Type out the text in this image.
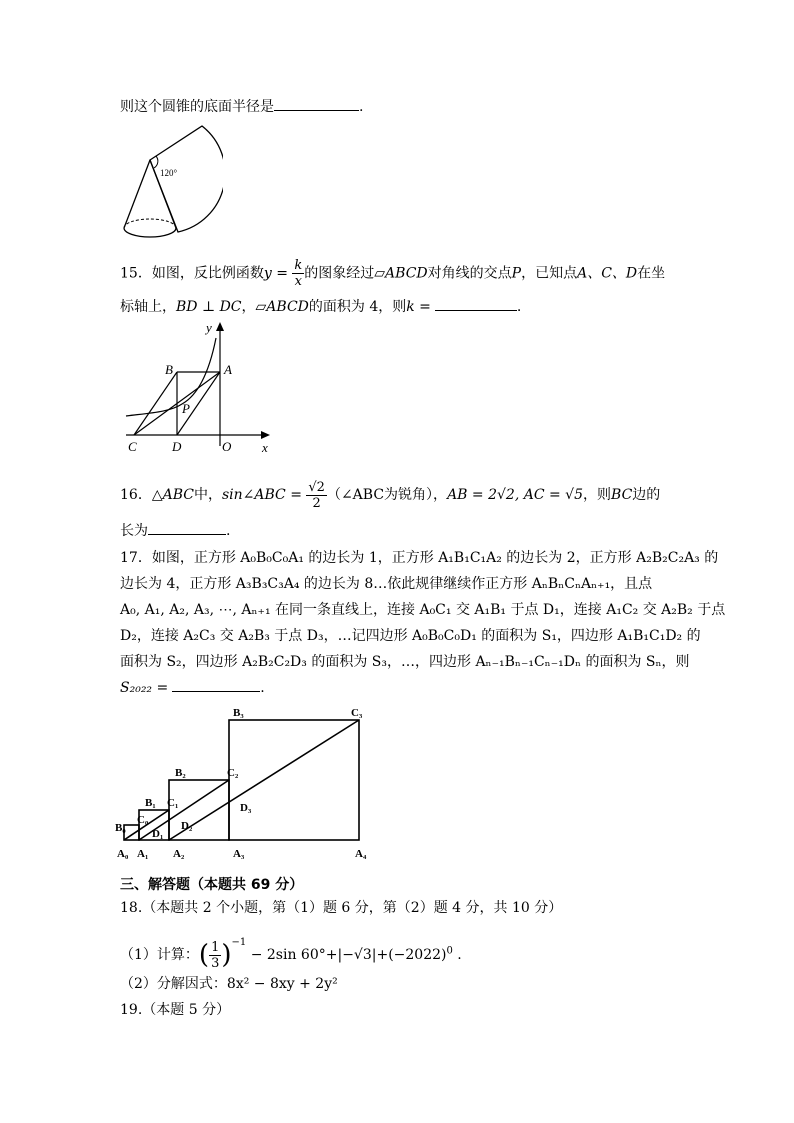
则这个圆锥的底面半径是	.
120°
15．如图，反比例函数$y = \frac{k}{x}$ 的图象经过▱ABCD对角线的交点P，已知点A、C、D在坐
标轴上，BD ⊥ DC，▱ABCD的面积为 4，则k =	.
y
x
B	A
P
C	D	O
16．△ABC中，sin∠ABC = $\frac{√2}{2}$ （∠ABC为锐角），AB = 2√2, AC = √5，则BC边的
长为	.
17．如图，正方形 A₀B₀C₀A₁ 的边长为 1，正方形 A₁B₁C₁A₂ 的边长为 2，正方形 A₂B₂C₂A₃ 的
边长为 4，正方形 A₃B₃C₃A₄ 的边长为 8…依此规律继续作正方形 AₙBₙCₙAₙ₊₁，且点
A₀, A₁, A₂, A₃, ⋯, Aₙ₊₁ 在同一条直线上，连接 A₀C₁ 交 A₁B₁ 于点 D₁，连接 A₁C₂ 交 A₂B₂ 于点
D₂，连接 A₂C₃ 交 A₂B₃ 于点 D₃，…记四边形 A₀B₀C₀D₁ 的面积为 S₁，四边形 A₁B₁C₁D₂ 的
面积为 S₂，四边形 A₂B₂C₂D₃ 的面积为 S₃，…，四边形 Aₙ₋₁Bₙ₋₁Cₙ₋₁Dₙ 的面积为 Sₙ，则
S₂₀₂₂ =	.
B₃	C₃
B₂	C₂
B₁ C₁
C₀
B₀ D₁
D₂
D₃
A₀ A₁ A₂	A₃	A₄
三、解答题（本题共 69 分）
18.（本题共 2 个小题，第（1）题 6 分，第（2）题 4 分，共 10 分）
（1）计算：( $\frac{1}{3} )^{-1} - 2\sin$ $60^\circ+|-√3|+(-2022)^0$ .
（2）分解因式：8x² − 8xy + 2y²
19.（本题 5 分）
